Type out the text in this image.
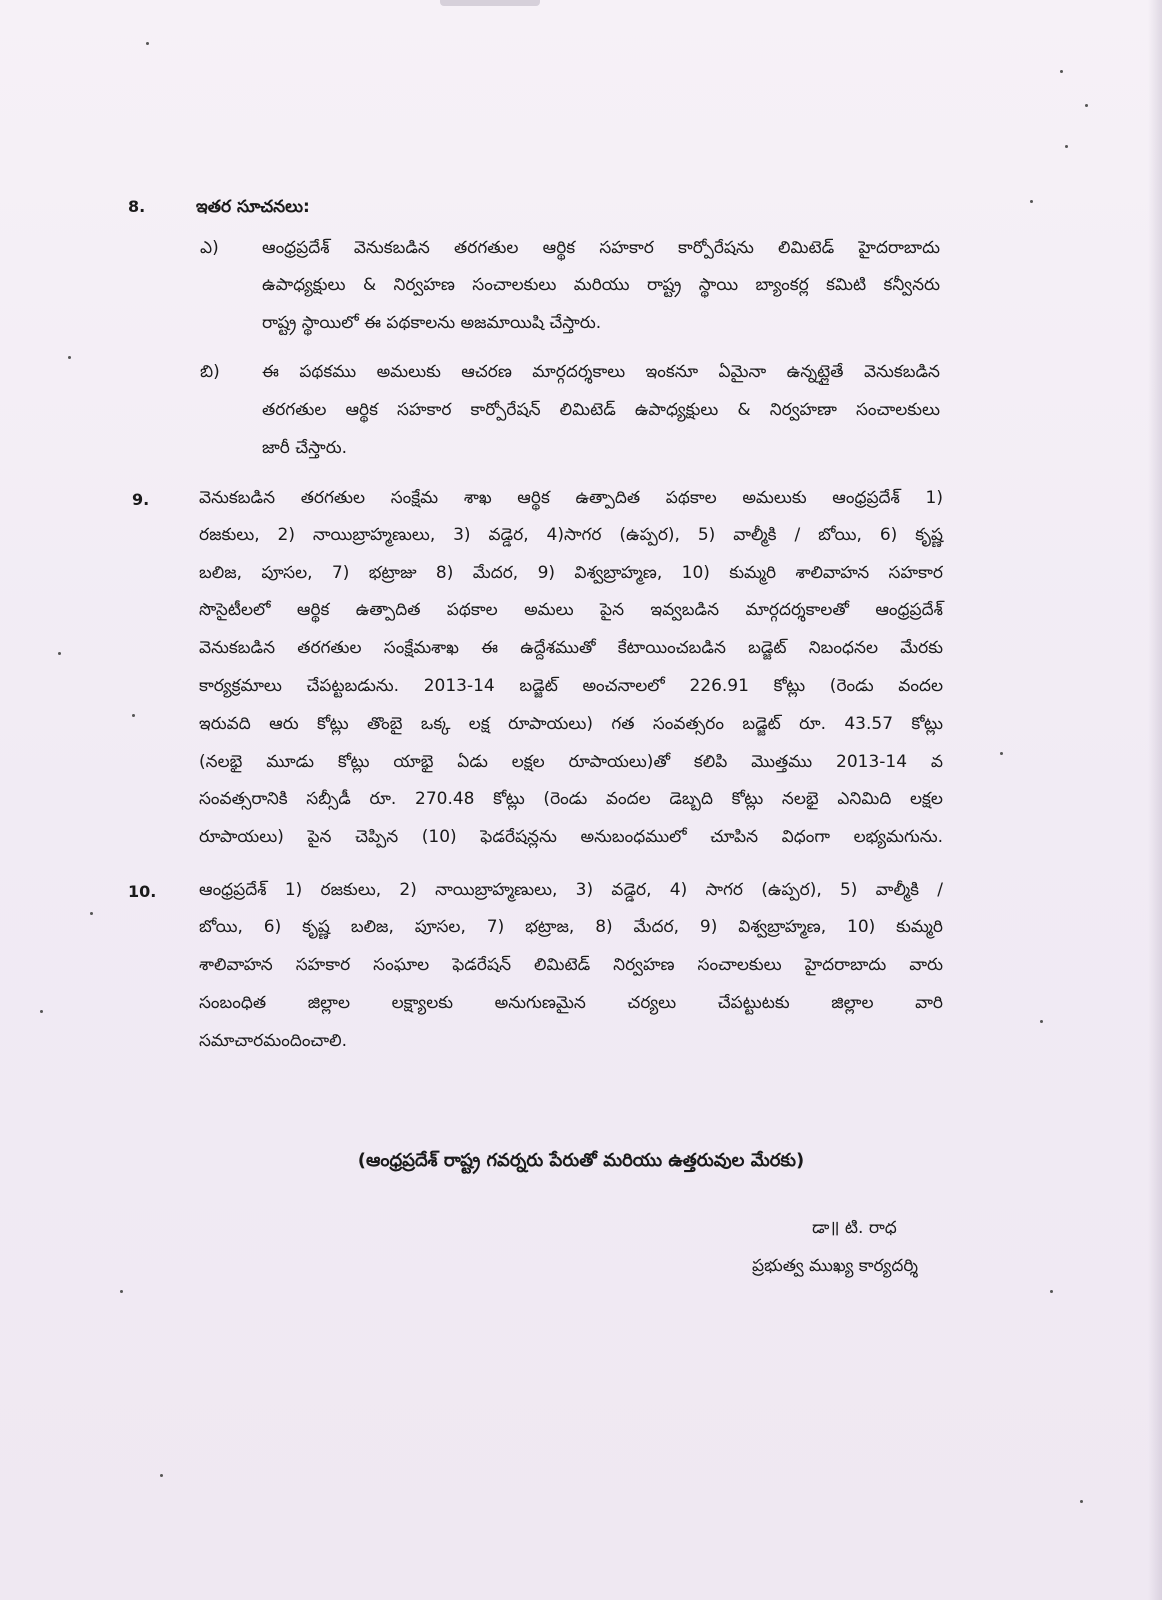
8.	ఇతర సూచనలు:
ఎ)	ఆంధ్రప్రదేశ్ వెనుకబడిన తరగతుల ఆర్థిక సహకార కార్పోరేషను లిమిటెడ్ హైదరాబాదు
ఉపాధ్యక్షులు & నిర్వహణ సంచాలకులు మరియు రాష్ట్ర స్థాయి బ్యాంకర్ల కమిటి కన్వీనరు
రాష్ట్ర స్థాయిలో ఈ పథకాలను అజమాయిషి చేస్తారు.
బి) ఈ పథకము అమలుకు ఆచరణ మార్గదర్శకాలు ఇంకనూ ఏమైనా ఉన్నట్లైతే వెనుకబడిన
తరగతుల ఆర్థిక సహకార కార్పోరేషన్ లిమిటెడ్ ఉపాధ్యక్షులు & నిర్వహణా సంచాలకులు
జారీ చేస్తారు.
9.	వెనుకబడిన తరగతుల సంక్షేమ శాఖ ఆర్థిక ఉత్పాదిత పథకాల అమలుకు ఆంధ్రప్రదేశ్ 1)
రజకులు, 2) నాయిబ్రాహ్మణులు, 3) వడ్డెర, 4)సాగర (ఉప్పర), 5) వాల్మీకి / బోయి, 6) కృష్ణ
బలిజ, పూసల, 7) భట్రాజు 8) మేదర, 9) విశ్వబ్రాహ్మణ, 10) కుమ్మరి శాలివాహన సహకార
సొసైటీలలో ఆర్థిక ఉత్పాదిత పథకాల అమలు పైన ఇవ్వబడిన మార్గదర్శకాలతో ఆంధ్రప్రదేశ్
వెనుకబడిన తరగతుల సంక్షేమశాఖ ఈ ఉద్దేశముతో కేటాయించబడిన బడ్జెట్ నిబంధనల మేరకు
కార్యక్రమాలు చేపట్టబడును. 2013-14 బడ్జెట్ అంచనాలలో 226.91 కోట్లు (రెండు వందల
ఇరువది ఆరు కోట్లు తొంబై ఒక్క లక్ష రూపాయలు) గత సంవత్సరం బడ్జెట్ రూ. 43.57 కోట్లు
(నలభై మూడు కోట్లు యాభై ఏడు లక్షల రూపాయలు)తో కలిపి మొత్తము 2013-14 వ
సంవత్సరానికి సబ్సీడీ రూ. 270.48 కోట్లు (రెండు వందల డెబ్బది కోట్లు నలభై ఎనిమిది లక్షల
రూపాయలు) పైన చెప్పిన (10) ఫెడరేషన్లను అనుబంధములో చూపిన విధంగా లభ్యమగును.
10.	ఆంధ్రప్రదేశ్ 1) రజకులు, 2) నాయిబ్రాహ్మణులు, 3) వడ్డెర, 4) సాగర (ఉప్పర), 5) వాల్మీకి /
బోయి, 6) కృష్ణ బలిజ, పూసల, 7) భట్రాజ, 8) మేదర, 9) విశ్వబ్రాహ్మణ, 10) కుమ్మరి
శాలివాహన సహకార సంఘాల ఫెడరేషన్ లిమిటెడ్ నిర్వహణ సంచాలకులు హైదరాబాదు వారు
సంబంధిత జిల్లాల లక్ష్యాలకు అనుగుణమైన చర్యలు చేపట్టుటకు జిల్లాల వారి
సమాచారమందించాలి.
(ఆంధ్రప్రదేశ్ రాష్ట్ర గవర్నరు పేరుతో మరియు ఉత్తరువుల మేరకు)
డా॥ టి. రాధ
ప్రభుత్వ ముఖ్య కార్యదర్శి
